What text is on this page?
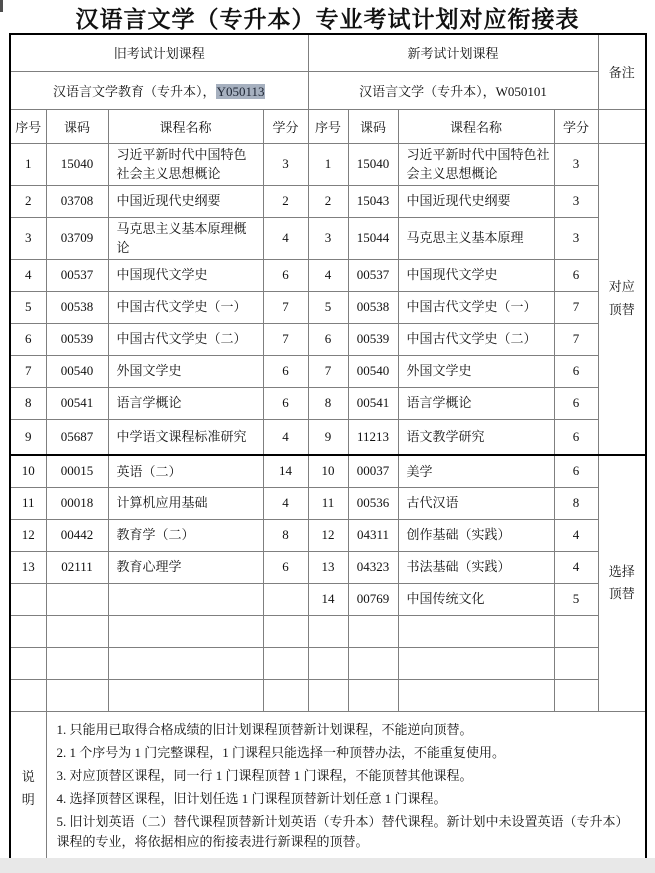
汉语言文学（专升本）专业考试计划对应衔接表
旧考试计划课程				新考试计划课程				备注
汉语言文学教育（专升本），Y050113				汉语言文学（专升本），W050101				
序号	课码	课程名称	学分	序号	课码	课程名称	学分	
1	15040	习近平新时代中国特色社会主义思想概论	3	1	15040	习近平新时代中国特色社会主义思想概论	3	对应
顶替

2	03708	中国近现代史纲要	2	2	15043	中国近现代史纲要	3	
3	03709	马克思主义基本原理概论	4	3	15044	马克思主义基本原理	3	
4	00537	中国现代文学史	6	4	00537	中国现代文学史	6	
5	00538	中国古代文学史（一）	7	5	00538	中国古代文学史（一）	7	
6	00539	中国古代文学史（二）	7	6	00539	中国古代文学史（二）	7	
7	00540	外国文学史	6	7	00540	外国文学史	6	
8	00541	语言学概论	6	8	00541	语言学概论	6	
9	05687	中学语文课程标准研究	4	9	11213	语文教学研究	6	
10	00015	英语（二）	14	10	00037	美学	6	选择
顶替

11	00018	计算机应用基础	4	11	00536	古代汉语	8	
12	00442	教育学（二）	8	12	04311	创作基础（实践）	4	
13	02111	教育心理学	6	13	04323	书法基础（实践）	4	
				14	00769	中国传统文化	5	

说
明

1. 只能用已取得合格成绩的旧计划课程顶替新计划课程，不能逆向顶替。
2. 1 个序号为 1 门完整课程，1 门课程只能选择一种顶替办法，不能重复使用。
3. 对应顶替区课程，同一行 1 门课程顶替 1 门课程，不能顶替其他课程。
4. 选择顶替区课程，旧计划任选 1 门课程顶替新计划任意 1 门课程。
5. 旧计划英语（二）替代课程顶替新计划英语（专升本）替代课程。新计划中未设置英语（专升本）课程的专业，将依据相应的衔接表进行新课程的顶替。
